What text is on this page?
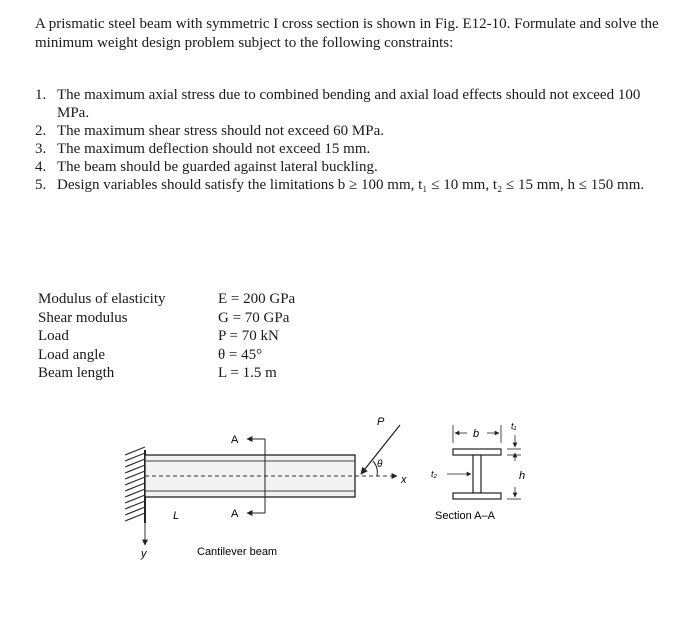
A prismatic steel beam with symmetric I cross section is shown in Fig. E12-10. Formulate and solve the minimum weight design problem subject to the following constraints:
1. The maximum axial stress due to combined bending and axial load effects should not exceed 100 MPa.
2. The maximum shear stress should not exceed 60 MPa.
3. The maximum deflection should not exceed 15 mm.
4. The beam should be guarded against lateral buckling.
5. Design variables should satisfy the limitations b ≥ 100 mm, t₁ ≤ 10 mm, t₂ ≤ 15 mm, h ≤ 150 mm.
Modulus of elasticity	E = 200 GPa
Shear modulus	G = 70 GPa
Load	P = 70 kN
Load angle	θ = 45°
Beam length	L = 1.5 m
x
y
L
A
A
P
θ
b
t₁
h
t₂
Cantilever beam
Section A–A
